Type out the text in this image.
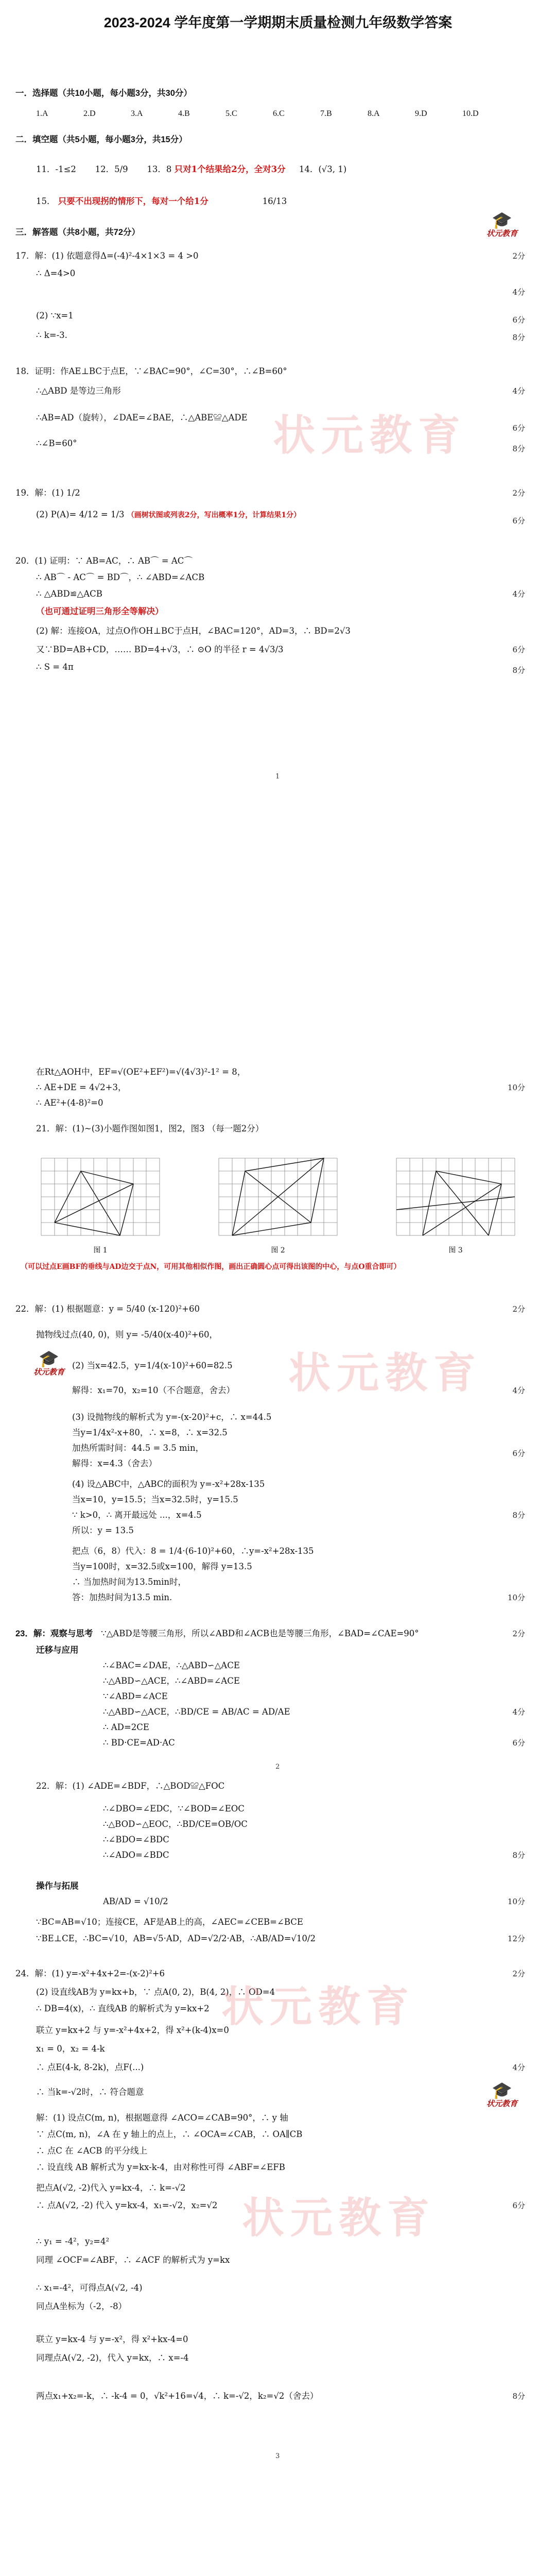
2023-2024 学年度第一学期期末质量检测九年级数学答案
一．选择题（共10小题，每小题3分，共30分）
1.A	2.D	3.A	4.B	5.C	6.C	7.B	8.A	9.D	10.D
二．填空题（共5小题，每小题3分，共15分）
11．-1≤2 12．5/9 13．8 只对1个结果给2分，全对3分 14．(√3, 1)
15． 只要不出现拐的情形下，每对一个给1分	16/13
三．解答题（共8小题，共72分）
🎓
状元教育
17．解：(1) 依题意得Δ=(-4)²-4×1×3 = 4 >0	2分
∴ Δ=4>0
4分
(2) ∵x=1	6分
∴ k=-3.	8分
18．证明：作AE⊥BC于点E，∵∠BAC=90°，∠C=30°，∴∠B=60°
∴△ABD 是等边三角形	4分
∴AB=AD（旋转），∠DAE=∠BAE，∴△ABE≌△ADE
6分
∴∠B=60°
8分
状元教育
19．解：(1) 1/2	2分
(2) P(A)= 4/12 = 1/3 （画树状图或列表2分，写出概率1分，计算结果1分）
6分
20．(1) 证明：∵ AB=AC，∴ AB⌒ = AC⌒
∴ AB⌒ - AC⌒ = BD⌒，∴ ∠ABD=∠ACB
∴ △ABD≌△ACB	4分
（也可通过证明三角形全等解决）
(2) 解：连接OA，过点O作OH⊥BC于点H，∠BAC=120°，AD=3，∴ BD=2√3
又∵BD=AB+CD，…… BD=4+√3，∴ ⊙O 的半径 r = 4√3/3	6分
∴ S = 4π	8分
1
在Rt△AOH中，EF=√(OE²+EF²)=√(4√3)²-1² = 8，
∴ AE+DE = 4√2+3，
∴ AE²+(4-8)²=0
10分
21．解：(1)~(3)小题作图如图1，图2，图3 （每一题2分）
图 1	图 2	图 3
（可以过点E画BF的垂线与AD边交于点N，可用其他相似作图，画出正确圆心点可得出该图的中心，与点O重合即可）
22．解：(1) 根据题意：y = 5/40 (x-120)²+60	2分
抛物线过点(40, 0)，则 y= -5/40(x-40)²+60，
🎓
状元教育
(2) 当x=42.5，y=1/4(x-10)²+60=82.5
解得：x₁=70，x₂=10（不合题意，舍去）	4分
状元教育
(3) 设抛物线的解析式为 y=-(x-20)²+c，∴ x=44.5
当y=1/4x²-x+80，∴ x=8，∴ x=32.5
加热所需时间：44.5 = 3.5 min，
解得：x=4.3（舍去）
6分
(4) 设△ABC中，△ABC的面积为 y=-x²+28x-135
当x=10，y=15.5；当x=32.5时，y=15.5
∵ k>0，∴ 离开最远处 ...，x=4.5
所以：y = 13.5
8分
把点（6，8）代入：8 = 1/4·(6-10)²+60，∴y=-x²+28x-135
当y=100时，x=32.5或x=100，解得 y=13.5
∴ 当加热时间为13.5min时，
答：加热时间为13.5 min.	10分
23．解：观察与思考 ∵△ABD是等腰三角形，所以∠ABD和∠ACB也是等腰三角形，∠BAD=∠CAE=90°	2分
迁移与应用
∴∠BAC=∠DAE，∴△ABD∽△ACE
∴△ABD∽△ACE，∴∠ABD=∠ACE
∵∠ABD=∠ACE
∴△ABD∽△ACE，∴BD/CE = AB/AC = AD/AE	4分
∴ AD=2CE
∴ BD·CE=AD·AC	6分
2
22．解：(1) ∠ADE=∠BDF，∴△BOD≌△FOC
∴∠DBO=∠EDC，∵∠BOD=∠EOC
∴△BOD∽△EOC，∴BD/CE=OB/OC
∴∠BDO=∠BDC
∴∠ADO=∠BDC	8分
操作与拓展
AB/AD = √10/2	10分
∵BC=AB=√10；连接CE，AF是AB上的高，∠AEC=∠CEB=∠BCE
∵BE⊥CE，∴BC=√10，AB=√5·AD，AD=√2/2·AB，∴AB/AD=√10/2	12分
24．解：(1) y=-x²+4x+2=-(x-2)²+6	2分
(2) 设直线AB为 y=kx+b，∵ 点A(0, 2)，B(4, 2)，∴ OD=4
∴ DB=4(x)，∴ 直线AB 的解析式为 y=kx+2 状元教育
联立 y=kx+2 与 y=-x²+4x+2，得 x²+(k-4)x=0
x₁ = 0，x₂ = 4-k
∴ 点E(4-k, 8-2k)，点F(...)	4分
🎓
状元教育
∴ 当k=-√2时，∴ 符合题意
解：(1) 设点C(m, n)，根据题意得 ∠ACO=∠CAB=90°，∴ y 轴
∵ 点C(m, n)，∠A 在 y 轴上的点上，∴ ∠OCA=∠CAB，∴ OA∥CB
∴ 点C 在 ∠ACB 的平分线上
∴ 设直线 AB 解析式为 y=kx-k-4，由对称性可得 ∠ABF=∠EFB
状元教育
把点A(√2, -2)代入 y=kx-4，∴ k=-√2
∴ 点A(√2, -2) 代入 y=kx-4，x₁=-√2，x₂=√2	6分
∴ y₁ = -4²，y₂=4²
同理 ∠OCF=∠ABF，∴ ∠ACF 的解析式为 y=kx
∴ x₁=-4²，可得点A(√2, -4)
同点A坐标为（-2，-8）
联立 y=kx-4 与 y=-x²，得 x²+kx-4=0
同理点A(√2, -2)，代入 y=kx，∴ x=-4
两点x₁+x₂=-k，∴ -k-4 = 0，√k²+16=√4，∴ k=-√2，k₂=√2（舍去）	8分
3
